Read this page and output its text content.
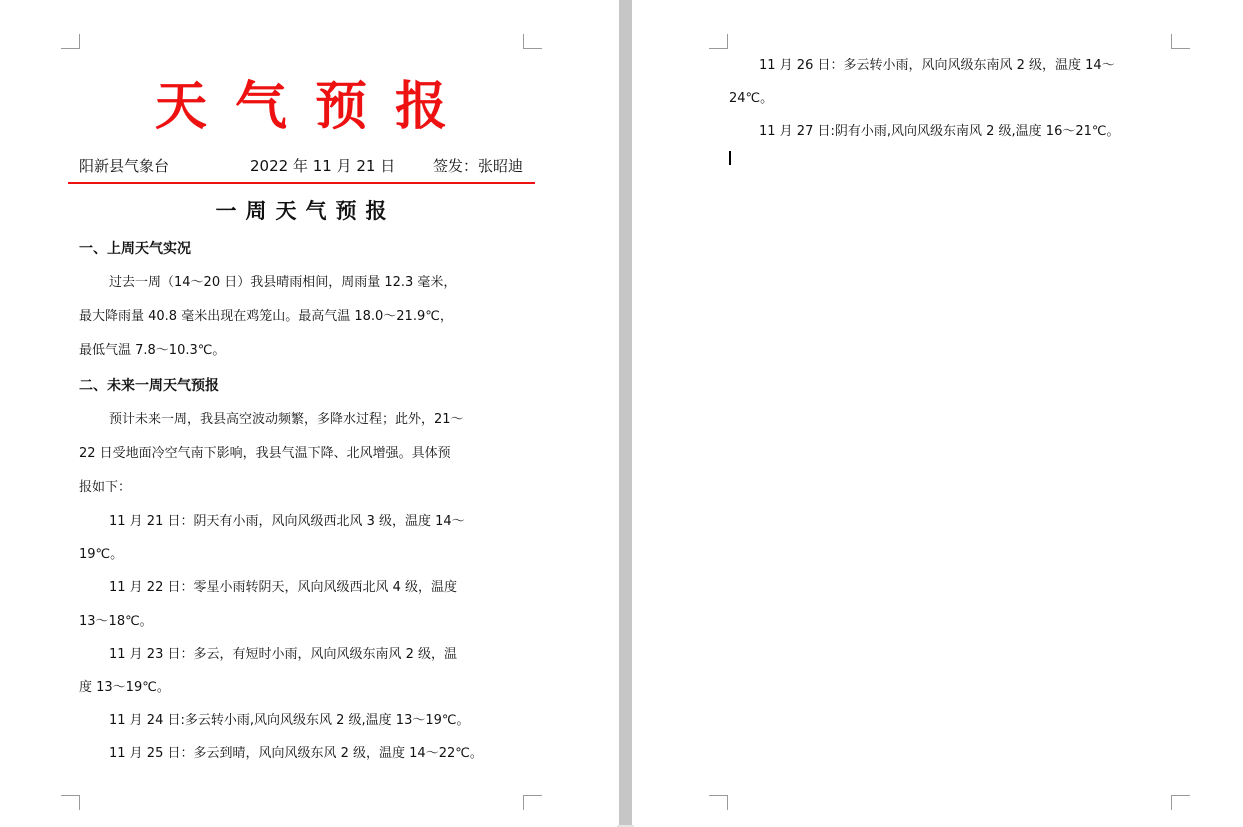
天气预报
阳新县气象台	2022 年 11 月 21 日	签发：张昭迪
一周天气预报
一、上周天气实况
过去一周（14～20 日）我县晴雨相间，周雨量 12.3 毫米，
最大降雨量 40.8 毫米出现在鸡笼山。最高气温 18.0～21.9℃，
最低气温 7.8～10.3℃。
二、未来一周天气预报
预计未来一周，我县高空波动频繁，多降水过程；此外，21～
22 日受地面冷空气南下影响，我县气温下降、北风增强。具体预
报如下：
11 月 21 日：阴天有小雨，风向风级西北风 3 级，温度 14～
19℃。
11 月 22 日：零星小雨转阴天，风向风级西北风 4 级，温度
13～18℃。
11 月 23 日：多云，有短时小雨，风向风级东南风 2 级，温
度 13～19℃。
11 月 24 日:多云转小雨,风向风级东风 2 级,温度 13～19℃。
11 月 25 日：多云到晴，风向风级东风 2 级，温度 14～22℃。
11 月 26 日：多云转小雨，风向风级东南风 2 级，温度 14～
24℃。
11 月 27 日:阴有小雨,风向风级东南风 2 级,温度 16～21℃。
